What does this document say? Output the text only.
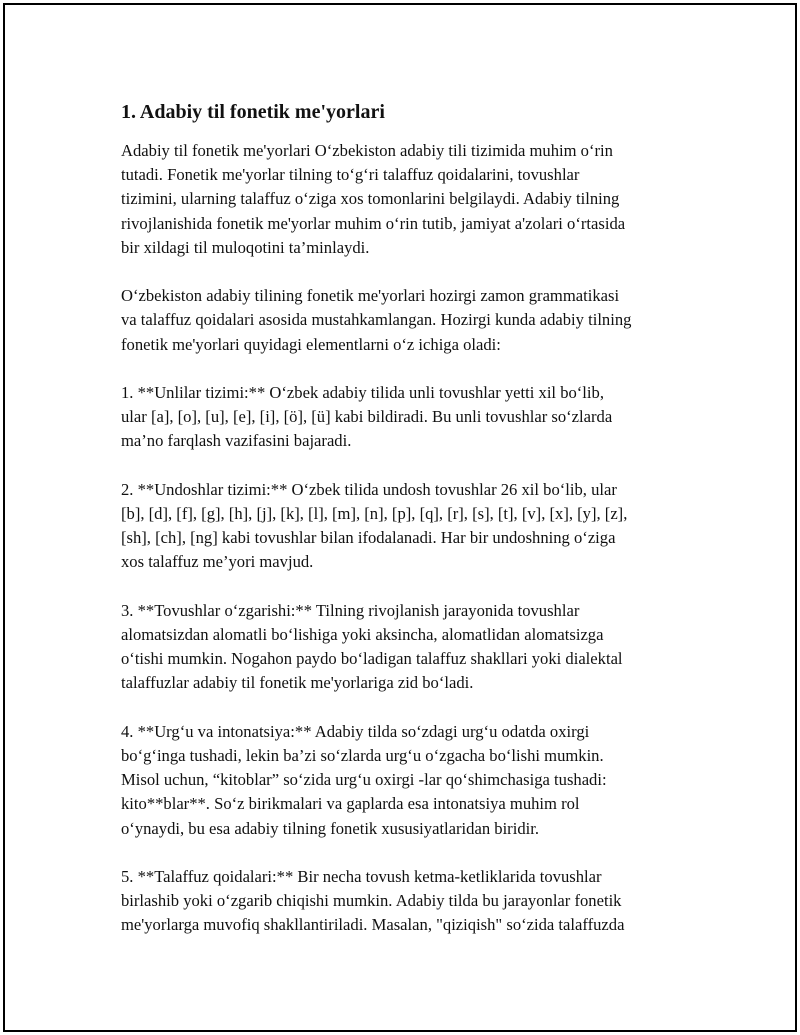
1. Adabiy til fonetik me'yorlari

Adabiy til fonetik me'yorlari O‘zbekiston adabiy tili tizimida muhim o‘rin
tutadi. Fonetik me'yorlar tilning to‘g‘ri talaffuz qoidalarini, tovushlar
tizimini, ularning talaffuz o‘ziga xos tomonlarini belgilaydi. Adabiy tilning
rivojlanishida fonetik me'yorlar muhim o‘rin tutib, jamiyat a'zolari o‘rtasida
bir xildagi til muloqotini ta’minlaydi.

O‘zbekiston adabiy tilining fonetik me'yorlari hozirgi zamon grammatikasi
va talaffuz qoidalari asosida mustahkamlangan. Hozirgi kunda adabiy tilning
fonetik me'yorlari quyidagi elementlarni o‘z ichiga oladi:

1. **Unlilar tizimi:** O‘zbek adabiy tilida unli tovushlar yetti xil bo‘lib,
ular [a], [o], [u], [e], [i], [ö], [ü] kabi bildiradi. Bu unli tovushlar so‘zlarda
ma’no farqlash vazifasini bajaradi.

2. **Undoshlar tizimi:** O‘zbek tilida undosh tovushlar 26 xil bo‘lib, ular
[b], [d], [f], [g], [h], [j], [k], [l], [m], [n], [p], [q], [r], [s], [t], [v], [x], [y], [z],
[sh], [ch], [ng] kabi tovushlar bilan ifodalanadi. Har bir undoshning o‘ziga
xos talaffuz me’yori mavjud.

3. **Tovushlar o‘zgarishi:** Tilning rivojlanish jarayonida tovushlar
alomatsizdan alomatli bo‘lishiga yoki aksincha, alomatlidan alomatsizga
o‘tishi mumkin. Nogahon paydo bo‘ladigan talaffuz shakllari yoki dialektal
talaffuzlar adabiy til fonetik me'yorlariga zid bo‘ladi.

4. **Urg‘u va intonatsiya:** Adabiy tilda so‘zdagi urg‘u odatda oxirgi
bo‘g‘inga tushadi, lekin ba’zi so‘zlarda urg‘u o‘zgacha bo‘lishi mumkin.
Misol uchun, “kitoblar” so‘zida urg‘u oxirgi -lar qo‘shimchasiga tushadi:
kito**blar**. So‘z birikmalari va gaplarda esa intonatsiya muhim rol
o‘ynaydi, bu esa adabiy tilning fonetik xususiyatlaridan biridir.

5. **Talaffuz qoidalari:** Bir necha tovush ketma-ketliklarida tovushlar
birlashib yoki o‘zgarib chiqishi mumkin. Adabiy tilda bu jarayonlar fonetik
me'yorlarga muvofiq shakllantiriladi. Masalan, "qiziqish" so‘zida talaffuzda
